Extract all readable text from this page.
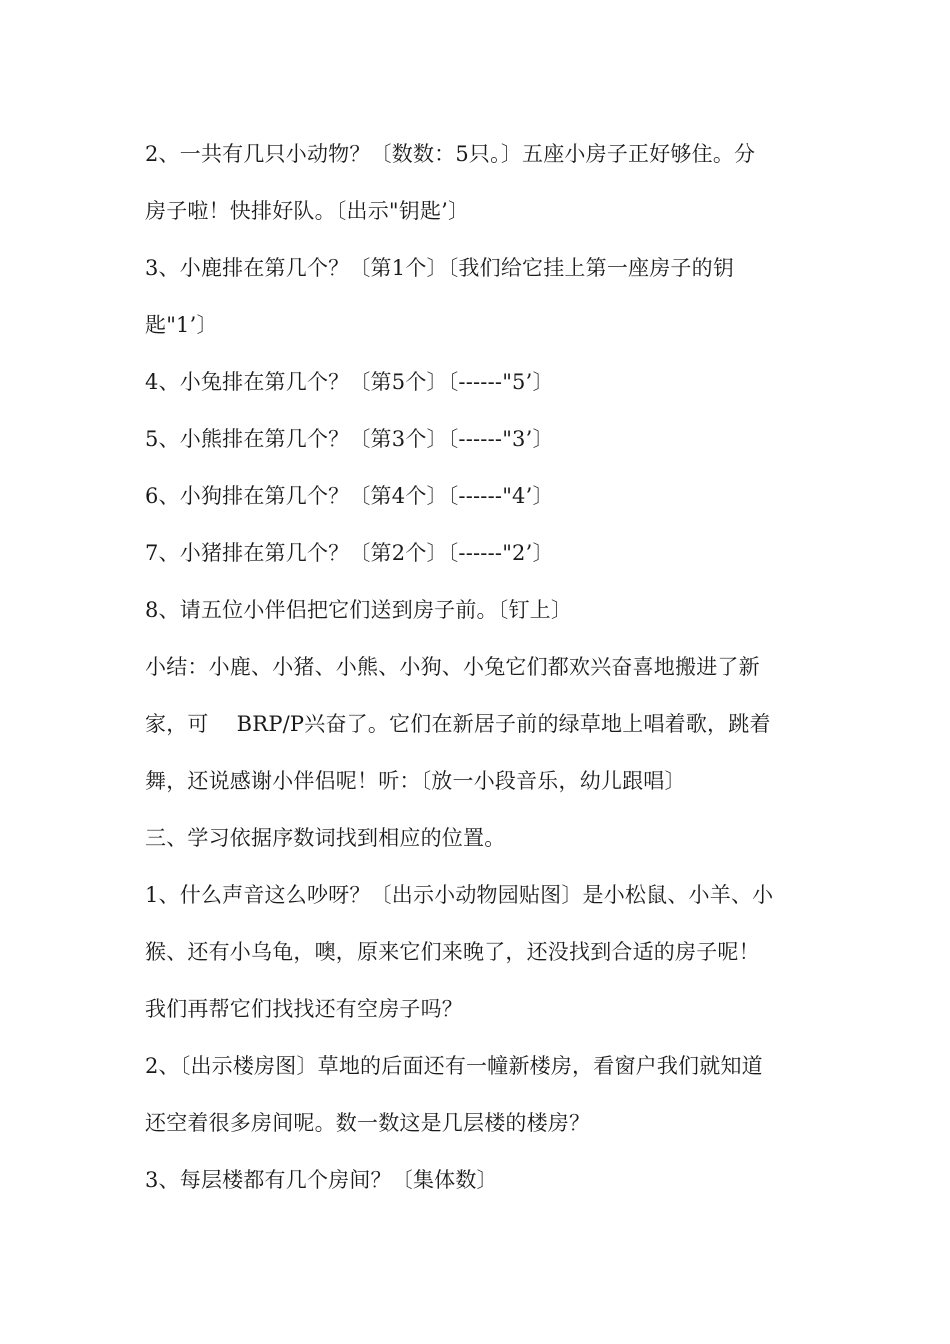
2、一共有几只小动物？〔数数：5只。〕五座小房子正好够住。分
房子啦！快排好队。〔出示"钥匙’〕
3、小鹿排在第几个？〔第1个〕〔我们给它挂上第一座房子的钥
匙"1’〕
4、小兔排在第几个？〔第5个〕〔------"5’〕
5、小熊排在第几个？〔第3个〕〔------"3’〕
6、小狗排在第几个？〔第4个〕〔------"4’〕
7、小猪排在第几个？〔第2个〕〔------"2’〕
8、请五位小伴侣把它们送到房子前。〔钉上〕
小结：小鹿、小猪、小熊、小狗、小兔它们都欢兴奋喜地搬进了新
家，可　 BRP/P兴奋了。它们在新居子前的绿草地上唱着歌，跳着
舞，还说感谢小伴侣呢！听：〔放一小段音乐，幼儿跟唱〕
三、学习依据序数词找到相应的位置。
1、什么声音这么吵呀？〔出示小动物园贴图〕是小松鼠、小羊、小
猴、还有小乌龟，噢，原来它们来晚了，还没找到合适的房子呢！
我们再帮它们找找还有空房子吗？
2、〔出示楼房图〕草地的后面还有一幢新楼房，看窗户我们就知道
还空着很多房间呢。数一数这是几层楼的楼房？
3、每层楼都有几个房间？〔集体数〕
